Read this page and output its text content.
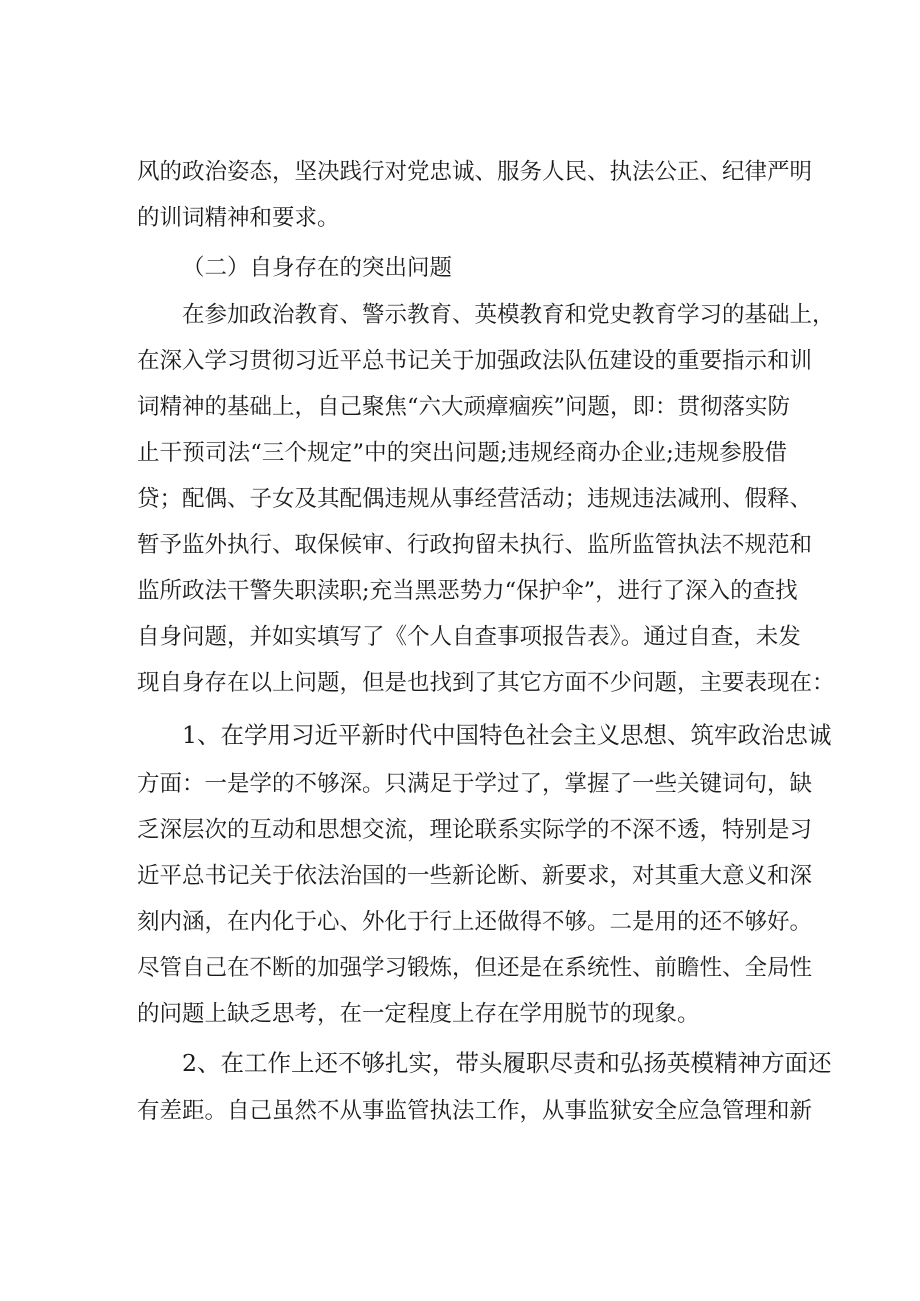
风的政治姿态，坚决践行对党忠诚、服务人民、执法公正、纪律严明
的训词精神和要求。
（二）自身存在的突出问题
在参加政治教育、警示教育、英模教育和党史教育学习的基础上，
在深入学习贯彻习近平总书记关于加强政法队伍建设的重要指示和训
词精神的基础上，自己聚焦“六大顽瘴痼疾”问题，即：贯彻落实防
止干预司法“三个规定”中的突出问题;违规经商办企业;违规参股借
贷；配偶、子女及其配偶违规从事经营活动；违规违法减刑、假释、
暂予监外执行、取保候审、行政拘留未执行、监所监管执法不规范和
监所政法干警失职渎职;充当黑恶势力“保护伞”，进行了深入的查找
自身问题，并如实填写了《个人自查事项报告表》。通过自查，未发
现自身存在以上问题，但是也找到了其它方面不少问题，主要表现在：
1、在学用习近平新时代中国特色社会主义思想、筑牢政治忠诚
方面：一是学的不够深。只满足于学过了，掌握了一些关键词句，缺
乏深层次的互动和思想交流，理论联系实际学的不深不透，特别是习
近平总书记关于依法治国的一些新论断、新要求，对其重大意义和深
刻内涵，在内化于心、外化于行上还做得不够。二是用的还不够好。
尽管自己在不断的加强学习锻炼，但还是在系统性、前瞻性、全局性
的问题上缺乏思考，在一定程度上存在学用脱节的现象。
2、在工作上还不够扎实，带头履职尽责和弘扬英模精神方面还
有差距。自己虽然不从事监管执法工作，从事监狱安全应急管理和新
